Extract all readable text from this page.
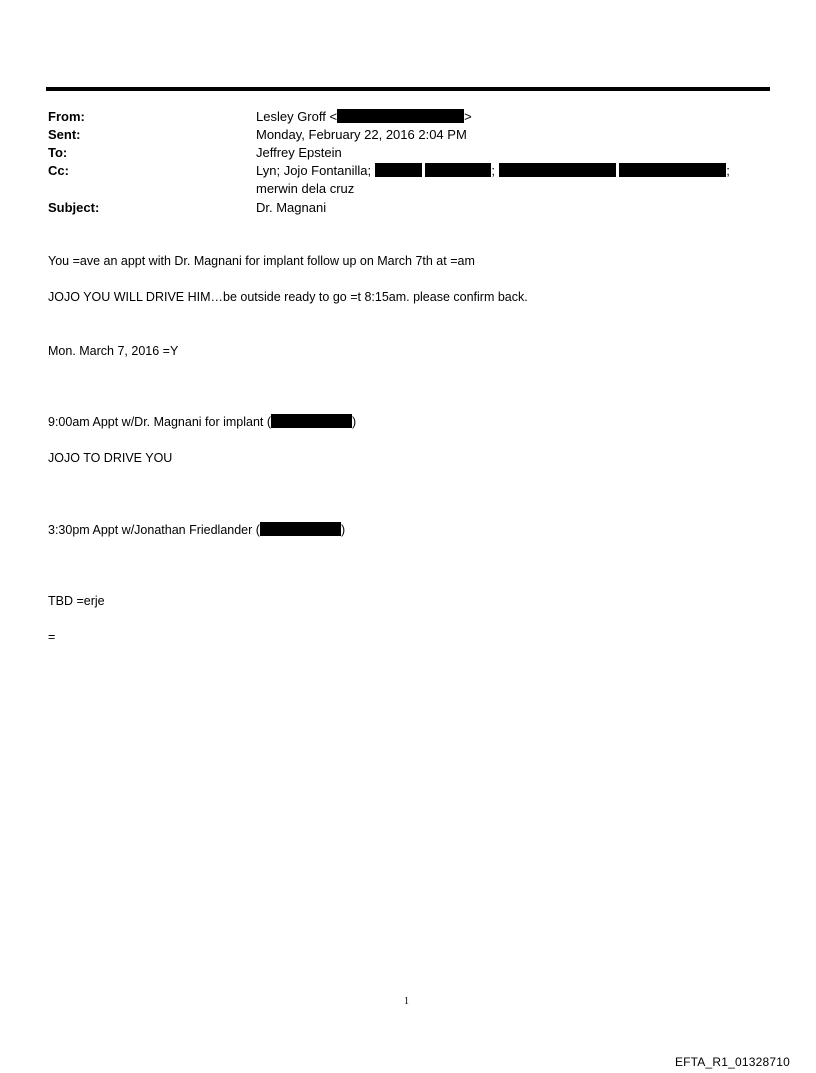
From:	Lesley Groff <	>
Sent:	Monday, February 22, 2016 2:04 PM
To:	Jeffrey Epstein
Cc:	Lyn; Jojo Fontanilla;	;	;
merwin dela cruz
Subject:	Dr. Magnani
You =ave an appt with Dr. Magnani for implant follow up on March 7th at =am
JOJO YOU WILL DRIVE HIM…be outside ready to go =t 8:15am. please confirm back.
Mon. March 7, 2016 =Y
9:00am Appt w/Dr. Magnani for implant (	)
JOJO TO DRIVE YOU
3:30pm Appt w/Jonathan Friedlander (	)
TBD =erje
=
1
EFTA_R1_01328710
